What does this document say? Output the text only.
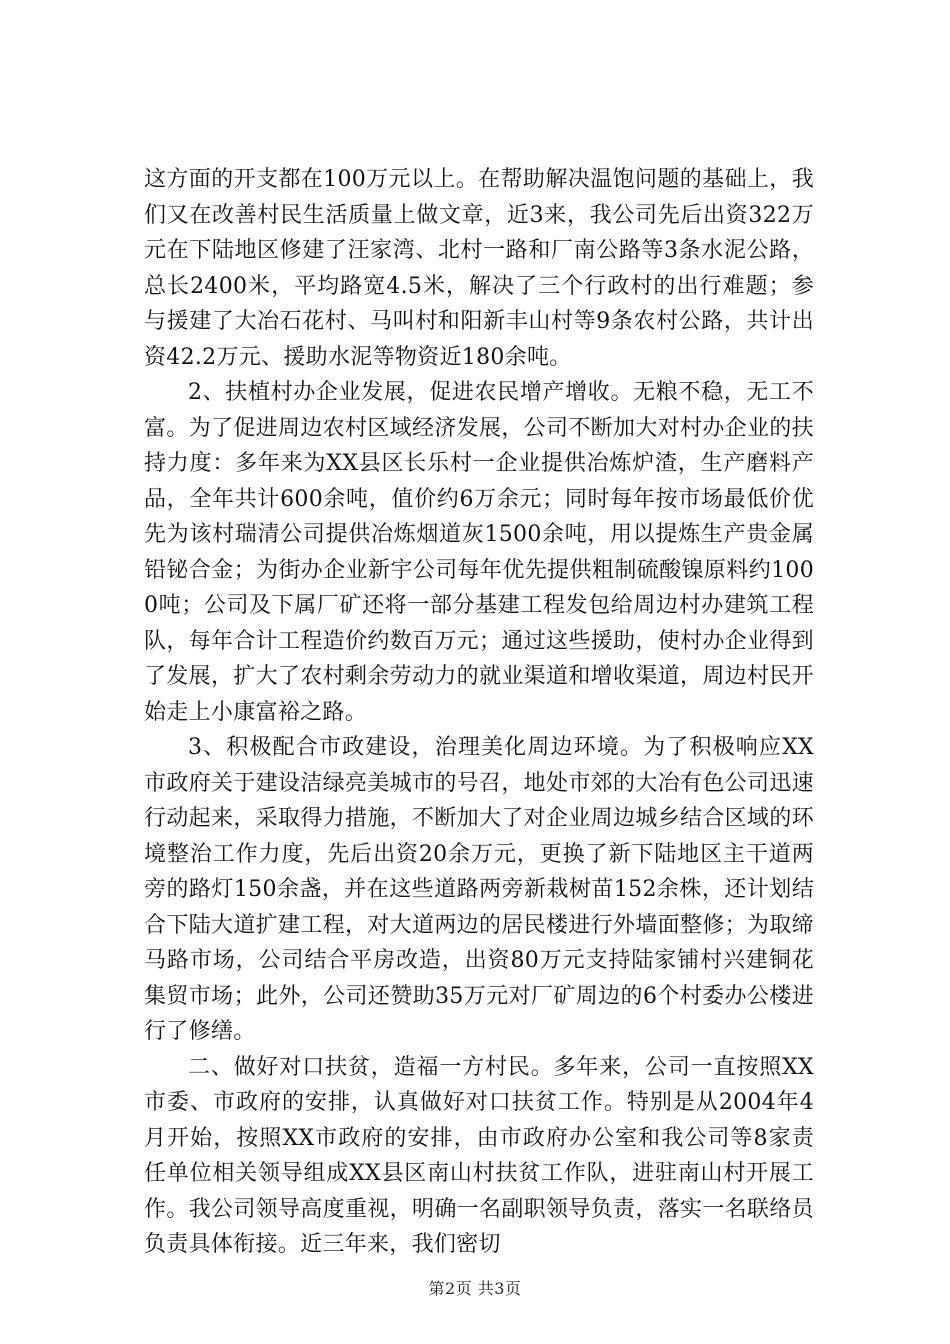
这方面的开支都在100万元以上。在帮助解决温饱问题的基础上，我们又在改善村民生活质量上做文章，近3来，我公司先后出资322万元在下陆地区修建了汪家湾、北村一路和厂南公路等3条水泥公路，总长2400米，平均路宽4.5米，解决了三个行政村的出行难题；参与援建了大冶石花村、马叫村和阳新丰山村等9条农村公路，共计出资42.2万元、援助水泥等物资近180余吨。

2、扶植村办企业发展，促进农民增产增收。无粮不稳，无工不富。为了促进周边农村区域经济发展，公司不断加大对村办企业的扶持力度：多年来为XX县区长乐村一企业提供冶炼炉渣，生产磨料产品，全年共计600余吨，值价约6万余元；同时每年按市场最低价优先为该村瑞清公司提供冶炼烟道灰1500余吨，用以提炼生产贵金属铅铋合金；为街办企业新宇公司每年优先提供粗制硫酸镍原料约1000吨；公司及下属厂矿还将一部分基建工程发包给周边村办建筑工程队，每年合计工程造价约数百万元；通过这些援助，使村办企业得到了发展，扩大了农村剩余劳动力的就业渠道和增收渠道，周边村民开始走上小康富裕之路。

3、积极配合市政建设，治理美化周边环境。为了积极响应XX市政府关于建设洁绿亮美城市的号召，地处市郊的大冶有色公司迅速行动起来，采取得力措施，不断加大了对企业周边城乡结合区域的环境整治工作力度，先后出资20余万元，更换了新下陆地区主干道两旁的路灯150余盏，并在这些道路两旁新栽树苗152余株，还计划结合下陆大道扩建工程，对大道两边的居民楼进行外墙面整修；为取缔马路市场，公司结合平房改造，出资80万元支持陆家铺村兴建铜花集贸市场；此外，公司还赞助35万元对厂矿周边的6个村委办公楼进行了修缮。

二、做好对口扶贫，造福一方村民。多年来，公司一直按照XX市委、市政府的安排，认真做好对口扶贫工作。特别是从2004年4月开始，按照XX市政府的安排，由市政府办公室和我公司等8家责任单位相关领导组成XX县区南山村扶贫工作队，进驻南山村开展工作。我公司领导高度重视，明确一名副职领导负责，落实一名联络员负责具体衔接。近三年来，我们密切

第2页 共3页
